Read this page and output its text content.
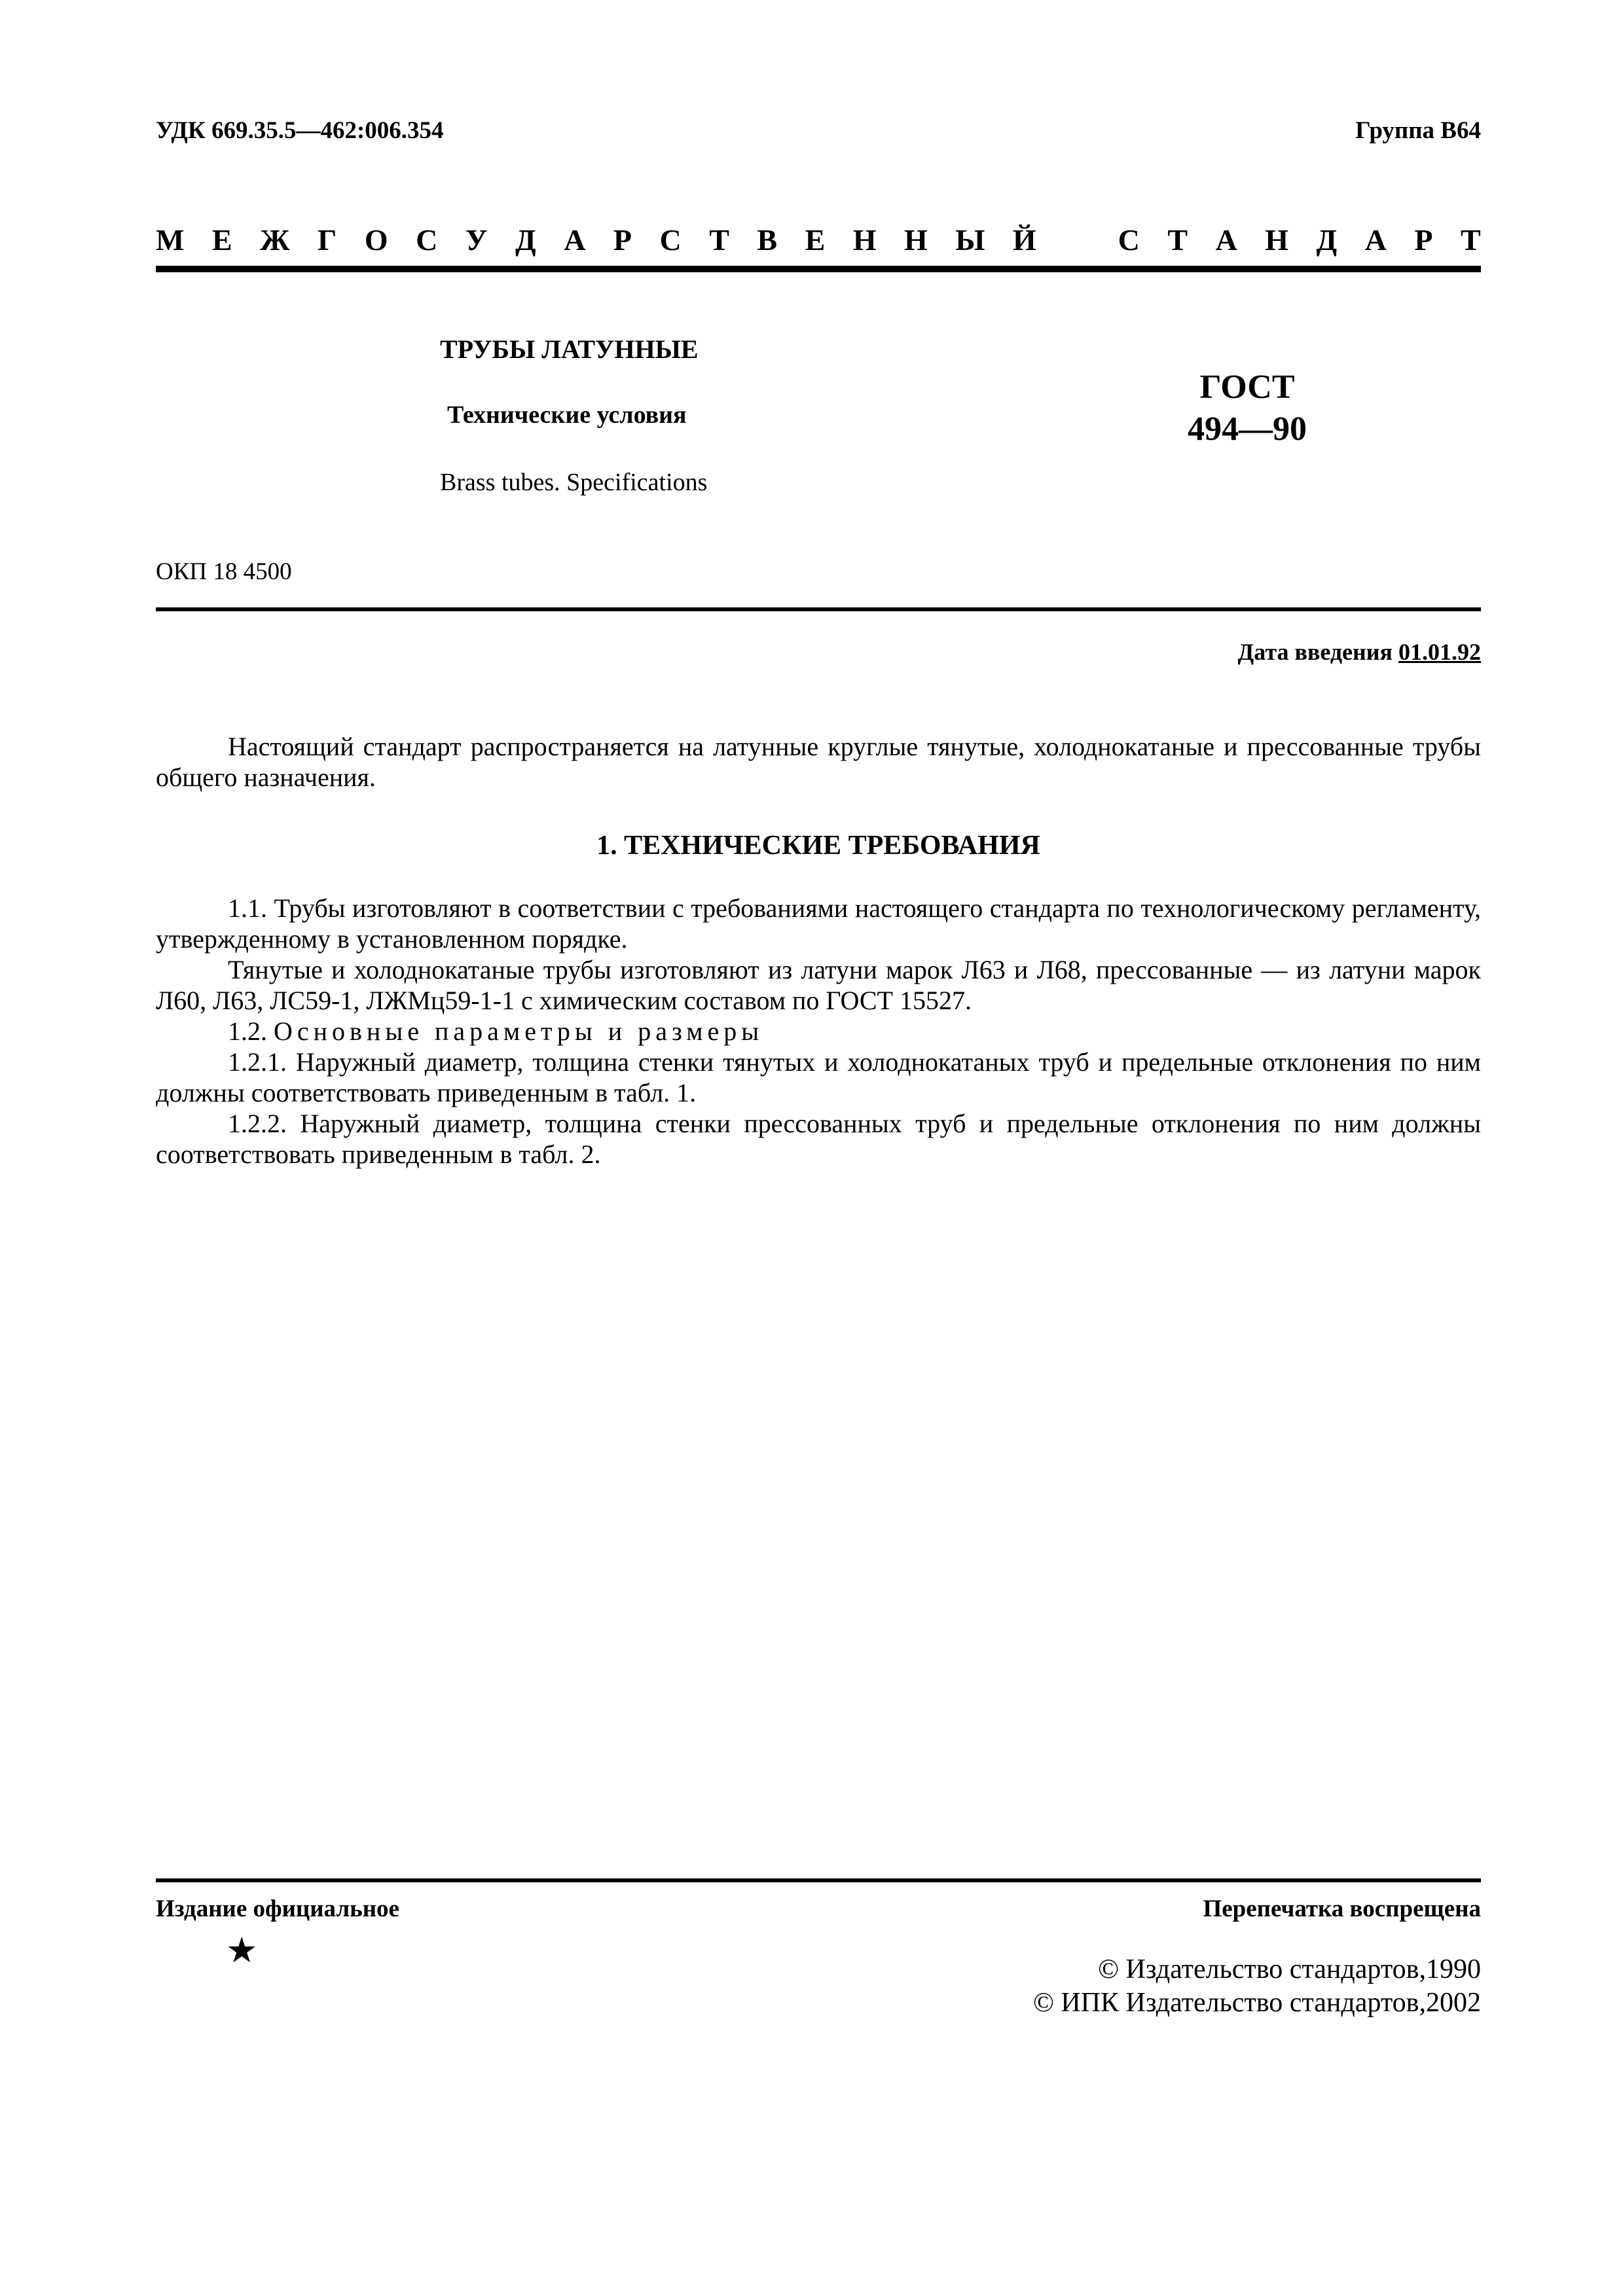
УДК 669.35.5—462:006.354	Группа В64
М Е Ж Г О С У Д А Р С Т В Е Н Н Ы Й	С Т А Н Д А Р Т
ТРУБЫ ЛАТУННЫЕ
Технические условия
Brass tubes. Specifications
ГОСТ
494—90
ОКП 18 4500
Дата введения 01.01.92
Настоящий стандарт распространяется на латунные круглые тянутые, холоднокатаные и прессованные трубы общего назначения.
1. ТЕХНИЧЕСКИЕ ТРЕБОВАНИЯ
1.1. Трубы изготовляют в соответствии с требованиями настоящего стандарта по технологическому регламенту, утвержденному в установленном порядке.
Тянутые и холоднокатаные трубы изготовляют из латуни марок Л63 и Л68, прессованные — из латуни марок Л60, Л63, ЛС59-1, ЛЖМц59-1-1 с химическим составом по ГОСТ 15527.
1.2. Основные параметры и размеры
1.2.1. Наружный диаметр, толщина стенки тянутых и холоднокатаных труб и предельные отклонения по ним должны соответствовать приведенным в табл. 1.
1.2.2. Наружный диаметр, толщина стенки прессованных труб и предельные отклонения по ним должны соответствовать приведенным в табл. 2.
Издание официальное	Перепечатка воспрещена
★	© Издательство стандартов,1990
© ИПК Издательство стандартов,2002
